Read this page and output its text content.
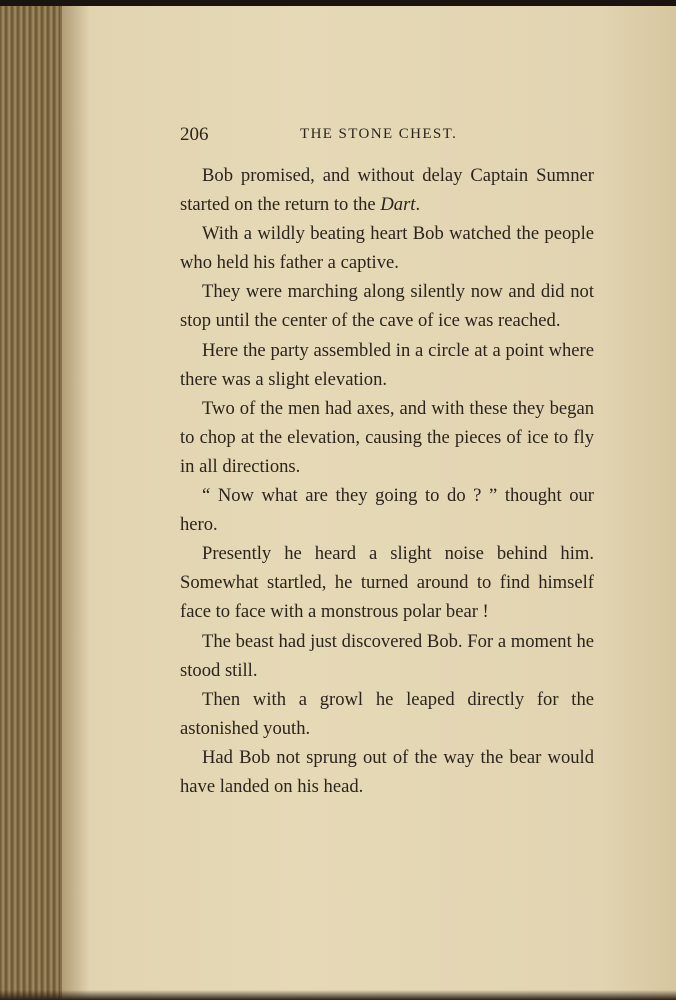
206	THE STONE CHEST.

Bob promised, and without delay Captain Sumner started on the return to the Dart.

With a wildly beating heart Bob watched the people who held his father a captive.

They were marching along silently now and did not stop until the center of the cave of ice was reached.

Here the party assembled in a circle at a point where there was a slight elevation.

Two of the men had axes, and with these they began to chop at the elevation, causing the pieces of ice to fly in all directions.

“ Now what are they going to do ? ” thought our hero.

Presently he heard a slight noise behind him. Somewhat startled, he turned around to find himself face to face with a monstrous polar bear !

The beast had just discovered Bob. For a moment he stood still.

Then with a growl he leaped directly for the astonished youth.

Had Bob not sprung out of the way the bear would have landed on his head.
